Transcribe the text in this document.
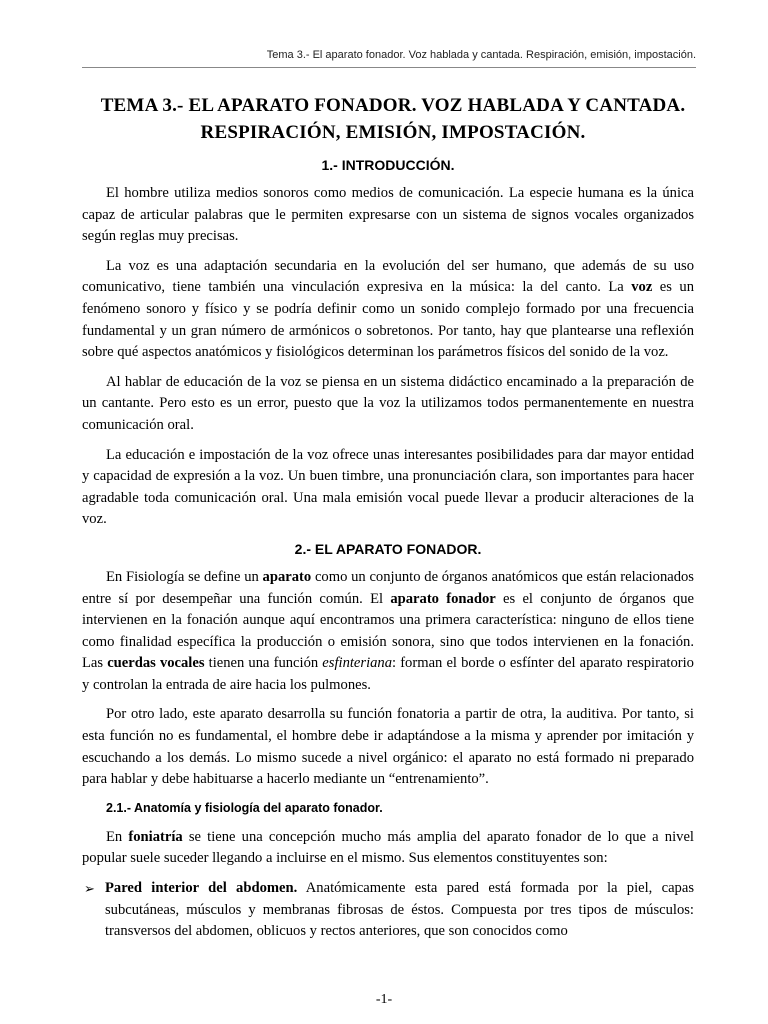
Tema 3.- El aparato fonador. Voz hablada y cantada. Respiración, emisión, impostación.
TEMA 3.- EL APARATO FONADOR. VOZ HABLADA Y CANTADA.
RESPIRACIÓN, EMISIÓN, IMPOSTACIÓN.
1.- INTRODUCCIÓN.

El hombre utiliza medios sonoros como medios de comunicación. La especie humana es la única capaz de articular palabras que le permiten expresarse con un sistema de signos vocales organizados según reglas muy precisas.

La voz es una adaptación secundaria en la evolución del ser humano, que además de su uso comunicativo, tiene también una vinculación expresiva en la música: la del canto. La voz es un fenómeno sonoro y físico y se podría definir como un sonido complejo formado por una frecuencia fundamental y un gran número de armónicos o sobretonos. Por tanto, hay que plantearse una reflexión sobre qué aspectos anatómicos y fisiológicos determinan los parámetros físicos del sonido de la voz.

Al hablar de educación de la voz se piensa en un sistema didáctico encaminado a la preparación de un cantante. Pero esto es un error, puesto que la voz la utilizamos todos permanentemente en nuestra comunicación oral.

La educación e impostación de la voz ofrece unas interesantes posibilidades para dar mayor entidad y capacidad de expresión a la voz. Un buen timbre, una pronunciación clara, son importantes para hacer agradable toda comunicación oral. Una mala emisión vocal puede llevar a producir alteraciones de la voz.

2.- EL APARATO FONADOR.

En Fisiología se define un aparato como un conjunto de órganos anatómicos que están relacionados entre sí por desempeñar una función común. El aparato fonador es el conjunto de órganos que intervienen en la fonación aunque aquí encontramos una primera característica: ninguno de ellos tiene como finalidad específica la producción o emisión sonora, sino que todos intervienen en la fonación. Las cuerdas vocales tienen una función esfinteriana: forman el borde o esfínter del aparato respiratorio y controlan la entrada de aire hacia los pulmones.

Por otro lado, este aparato desarrolla su función fonatoria a partir de otra, la auditiva. Por tanto, si esta función no es fundamental, el hombre debe ir adaptándose a la misma y aprender por imitación y escuchando a los demás. Lo mismo sucede a nivel orgánico: el aparato no está formado ni preparado para hablar y debe habituarse a hacerlo mediante un “entrenamiento”.

2.1.- Anatomía y fisiología del aparato fonador.

En foniatría se tiene una concepción mucho más amplia del aparato fonador de lo que a nivel popular suele suceder llegando a incluirse en el mismo. Sus elementos constituyentes son:

➢ Pared interior del abdomen. Anatómicamente esta pared está formada por la piel, capas subcutáneas, músculos y membranas fibrosas de éstos. Compuesta por tres tipos de músculos: transversos del abdomen, oblicuos y rectos anteriores, que son conocidos como
-1-
